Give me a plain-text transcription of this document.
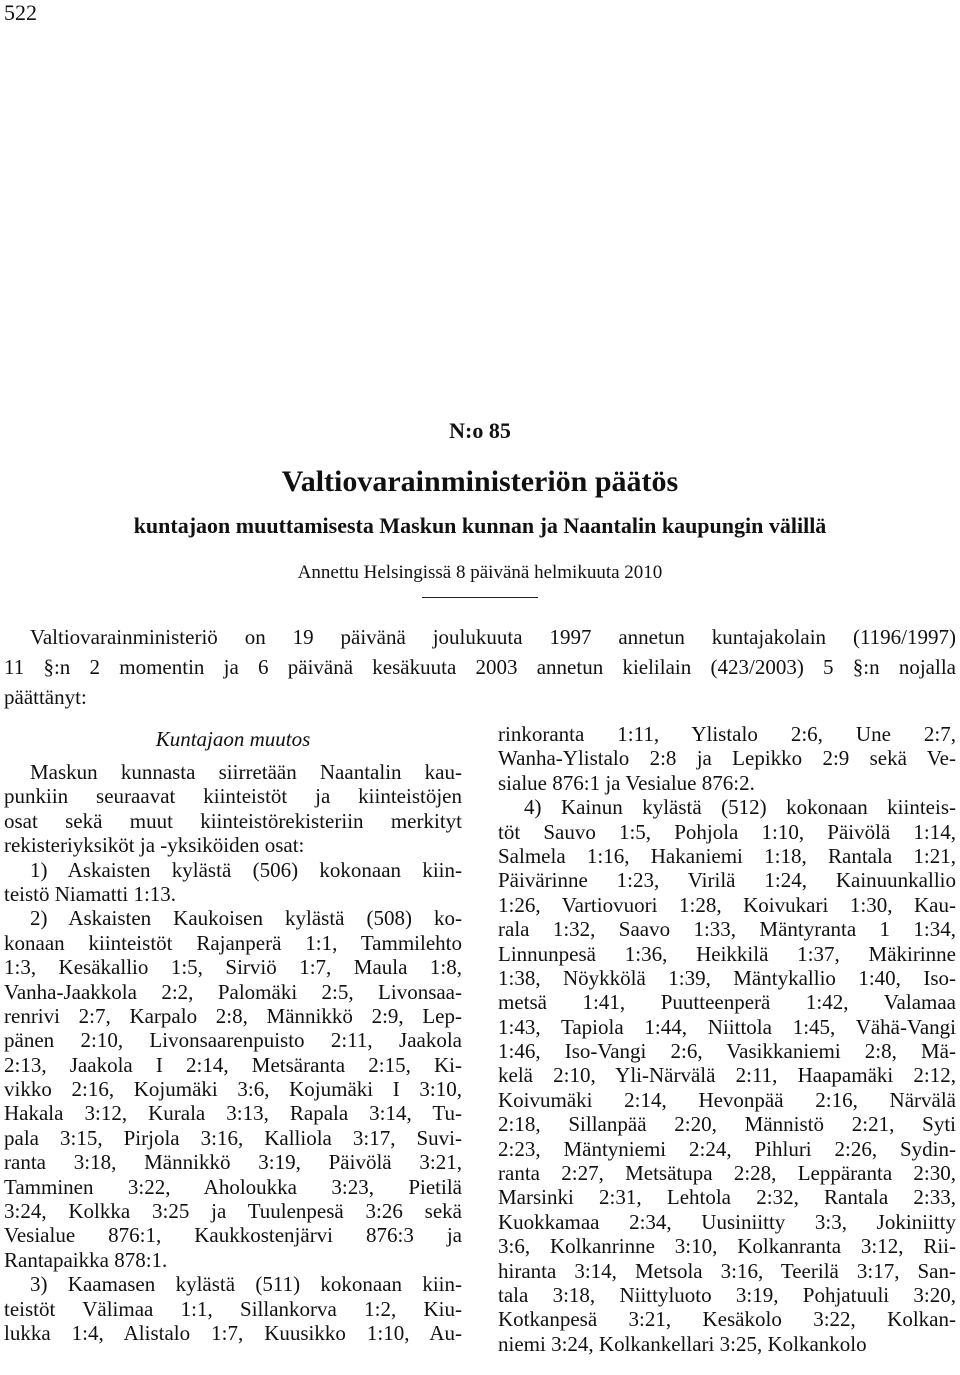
522
N:o 85
Valtiovarainministeriön päätös
kuntajaon muuttamisesta Maskun kunnan ja Naantalin kaupungin välillä
Annettu Helsingissä 8 päivänä helmikuuta 2010
Valtiovarainministeriö on 19 päivänä joulukuuta 1997 annetun kuntajakolain (1196/1997)
11 §:n 2 momentin ja 6 päivänä kesäkuuta 2003 annetun kielilain (423/2003) 5 §:n nojalla
päättänyt:
Kuntajaon muutos
Maskun kunnasta siirretään Naantalin kau-
punkiin seuraavat kiinteistöt ja kiinteistöjen
osat sekä muut kiinteistörekisteriin merkityt
rekisteriyksiköt ja -yksiköiden osat:
1) Askaisten kylästä (506) kokonaan kiin-
teistö Niamatti 1:13.
2) Askaisten Kaukoisen kylästä (508) ko-
konaan kiinteistöt Rajanperä 1:1, Tammilehto
1:3, Kesäkallio 1:5, Sirviö 1:7, Maula 1:8,
Vanha-Jaakkola 2:2, Palomäki 2:5, Livonsaa-
renrivi 2:7, Karpalo 2:8, Männikkö 2:9, Lep-
pänen 2:10, Livonsaarenpuisto 2:11, Jaakola
2:13, Jaakola I 2:14, Metsäranta 2:15, Ki-
vikko 2:16, Kojumäki 3:6, Kojumäki I 3:10,
Hakala 3:12, Kurala 3:13, Rapala 3:14, Tu-
pala 3:15, Pirjola 3:16, Kalliola 3:17, Suvi-
ranta 3:18, Männikkö 3:19, Päivölä 3:21,
Tamminen 3:22, Aholoukka 3:23, Pietilä
3:24, Kolkka 3:25 ja Tuulenpesä 3:26 sekä
Vesialue 876:1, Kaukkostenjärvi 876:3 ja
Rantapaikka 878:1.
3) Kaamasen kylästä (511) kokonaan kiin-
teistöt Välimaa 1:1, Sillankorva 1:2, Kiu-
lukka 1:4, Alistalo 1:7, Kuusikko 1:10, Au-
rinkoranta 1:11, Ylistalo 2:6, Une 2:7,
Wanha-Ylistalo 2:8 ja Lepikko 2:9 sekä Ve-
sialue 876:1 ja Vesialue 876:2.
4) Kainun kylästä (512) kokonaan kiinteis-
töt Sauvo 1:5, Pohjola 1:10, Päivölä 1:14,
Salmela 1:16, Hakaniemi 1:18, Rantala 1:21,
Päivärinne 1:23, Virilä 1:24, Kainuunkallio
1:26, Vartiovuori 1:28, Koivukari 1:30, Kau-
rala 1:32, Saavo 1:33, Mäntyranta 1 1:34,
Linnunpesä 1:36, Heikkilä 1:37, Mäkirinne
1:38, Nöykkölä 1:39, Mäntykallio 1:40, Iso-
metsä 1:41, Puutteenperä 1:42, Valamaa
1:43, Tapiola 1:44, Niittola 1:45, Vähä-Vangi
1:46, Iso-Vangi 2:6, Vasikkaniemi 2:8, Mä-
kelä 2:10, Yli-Närvälä 2:11, Haapamäki 2:12,
Koivumäki 2:14, Hevonpää 2:16, Närvälä
2:18, Sillanpää 2:20, Männistö 2:21, Syti
2:23, Mäntyniemi 2:24, Pihluri 2:26, Sydin-
ranta 2:27, Metsätupa 2:28, Leppäranta 2:30,
Marsinki 2:31, Lehtola 2:32, Rantala 2:33,
Kuokkamaa 2:34, Uusiniitty 3:3, Jokiniitty
3:6, Kolkanrinne 3:10, Kolkanranta 3:12, Rii-
hiranta 3:14, Metsola 3:16, Teerilä 3:17, San-
tala 3:18, Niittyluoto 3:19, Pohjatuuli 3:20,
Kotkanpesä 3:21, Kesäkolo 3:22, Kolkan-
niemi 3:24, Kolkankellari 3:25, Kolkankolo
